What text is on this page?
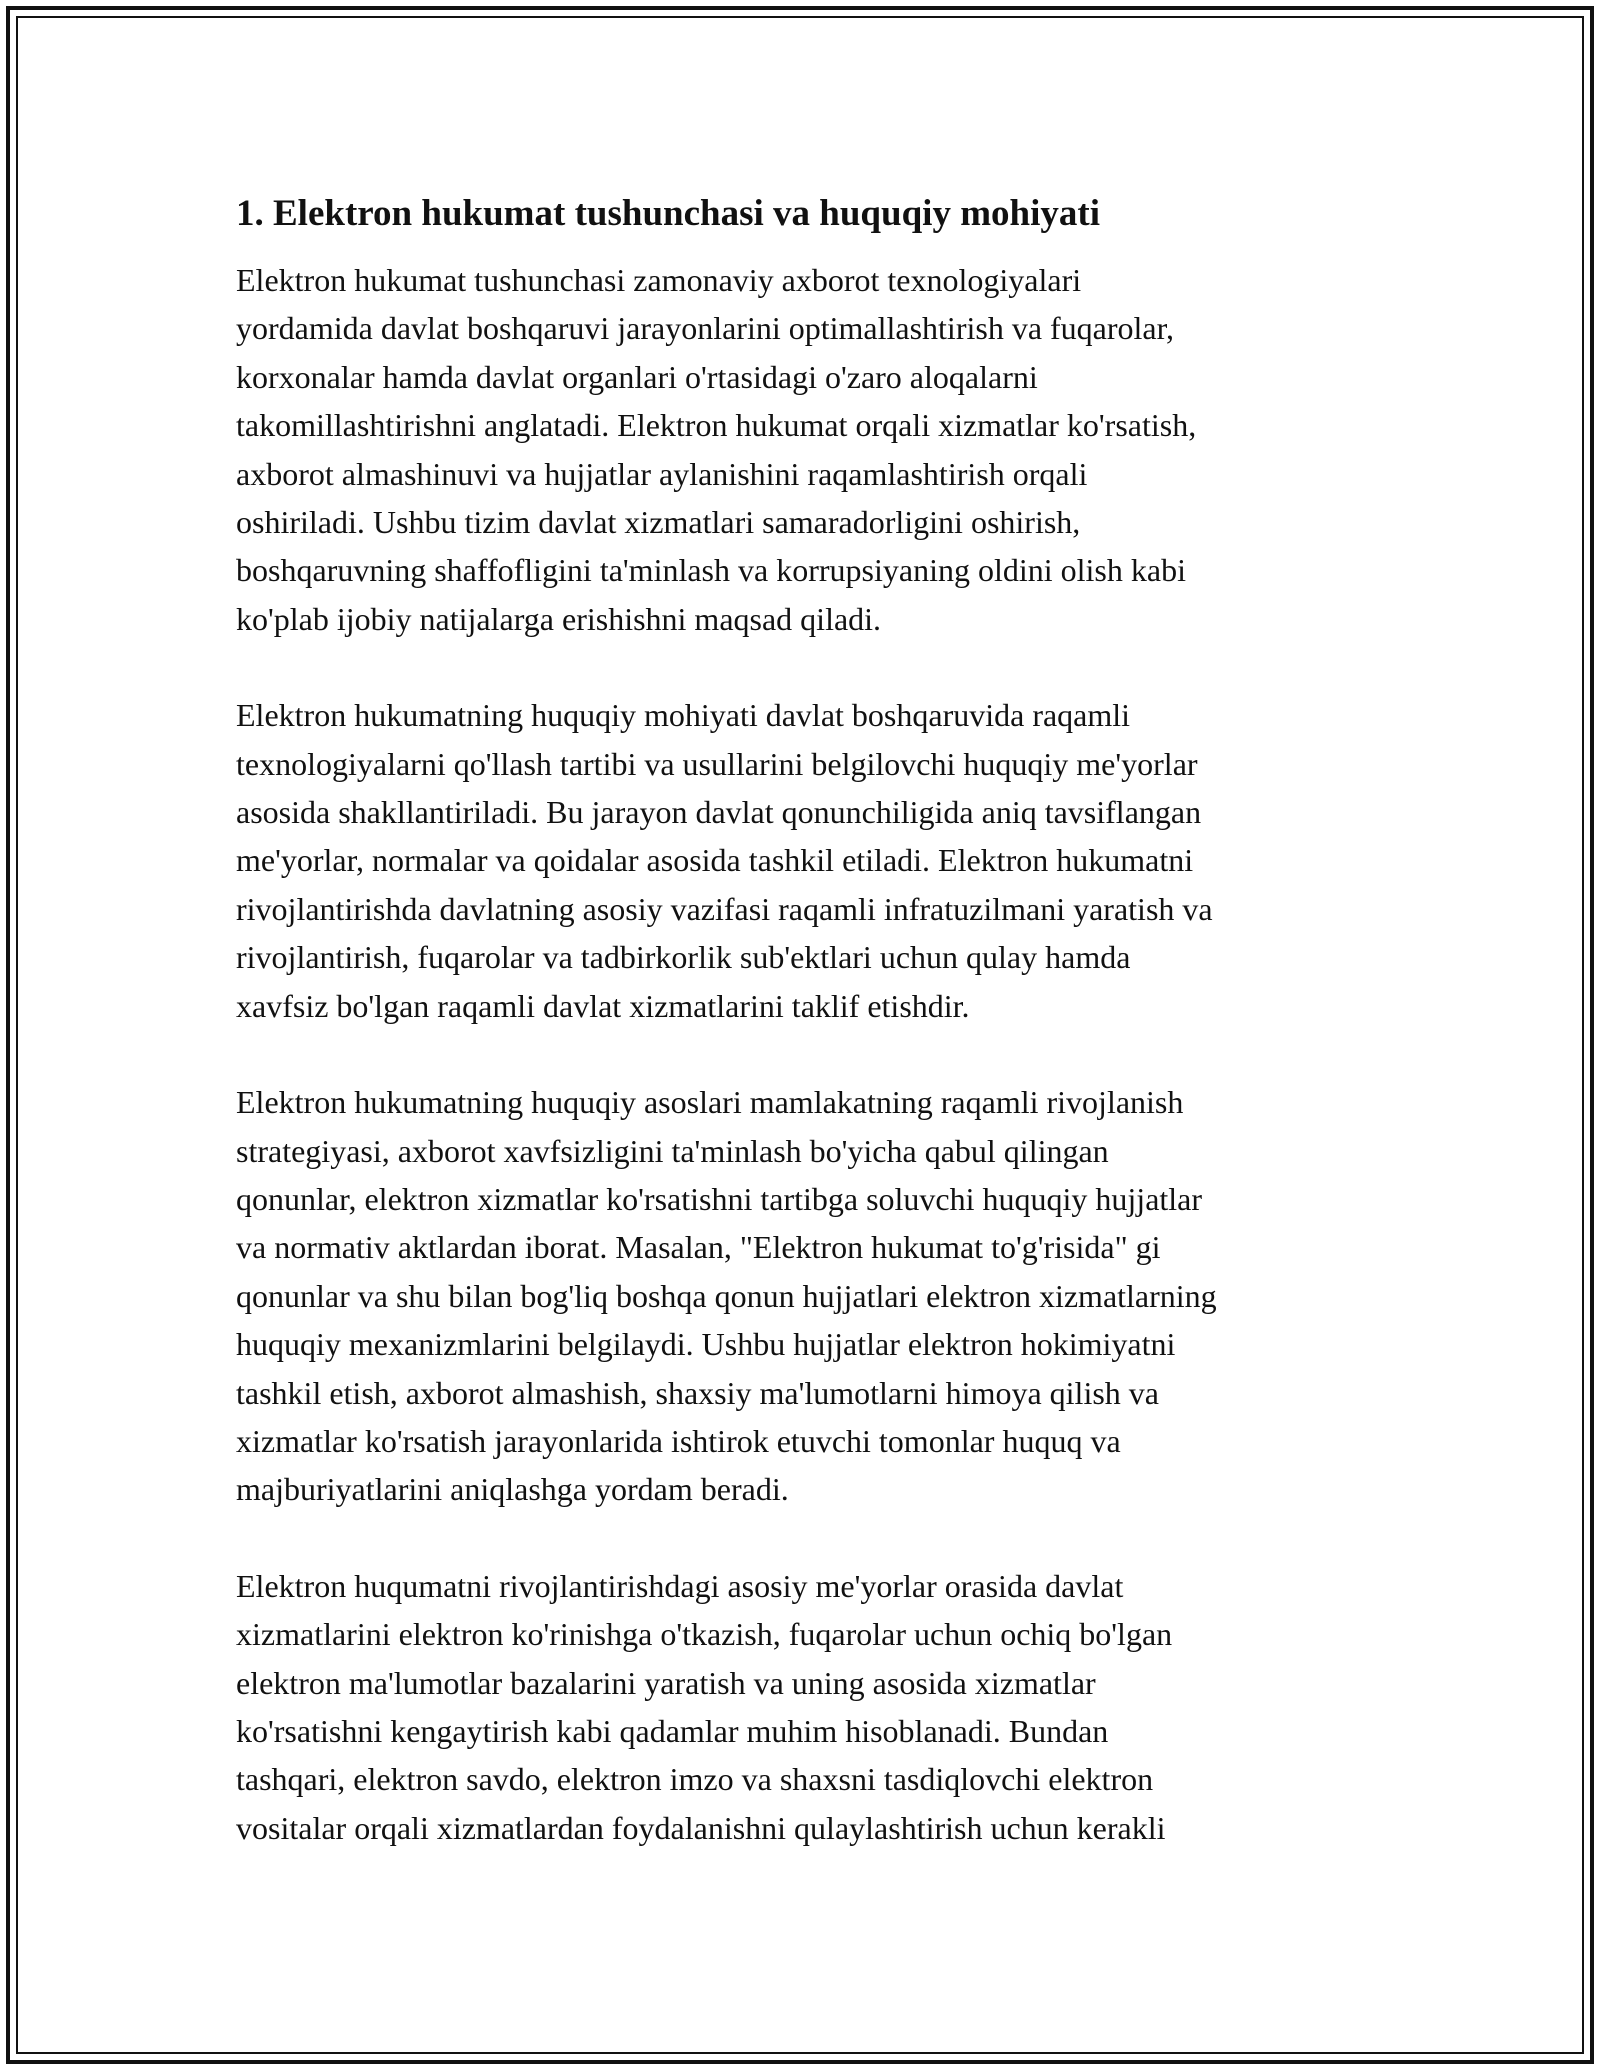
1. Elektron hukumat tushunchasi va huquqiy mohiyati
Elektron hukumat tushunchasi zamonaviy axborot texnologiyalari
yordamida davlat boshqaruvi jarayonlarini optimallashtirish va fuqarolar,
korxonalar hamda davlat organlari o'rtasidagi o'zaro aloqalarni
takomillashtirishni anglatadi. Elektron hukumat orqali xizmatlar ko'rsatish,
axborot almashinuvi va hujjatlar aylanishini raqamlashtirish orqali
oshiriladi. Ushbu tizim davlat xizmatlari samaradorligini oshirish,
boshqaruvning shaffofligini ta'minlash va korrupsiyaning oldini olish kabi
ko'plab ijobiy natijalarga erishishni maqsad qiladi.
Elektron hukumatning huquqiy mohiyati davlat boshqaruvida raqamli
texnologiyalarni qo'llash tartibi va usullarini belgilovchi huquqiy me'yorlar
asosida shakllantiriladi. Bu jarayon davlat qonunchiligida aniq tavsiflangan
me'yorlar, normalar va qoidalar asosida tashkil etiladi. Elektron hukumatni
rivojlantirishda davlatning asosiy vazifasi raqamli infratuzilmani yaratish va
rivojlantirish, fuqarolar va tadbirkorlik sub'ektlari uchun qulay hamda
xavfsiz bo'lgan raqamli davlat xizmatlarini taklif etishdir.
Elektron hukumatning huquqiy asoslari mamlakatning raqamli rivojlanish
strategiyasi, axborot xavfsizligini ta'minlash bo'yicha qabul qilingan
qonunlar, elektron xizmatlar ko'rsatishni tartibga soluvchi huquqiy hujjatlar
va normativ aktlardan iborat. Masalan, "Elektron hukumat to'g'risida" gi
qonunlar va shu bilan bog'liq boshqa qonun hujjatlari elektron xizmatlarning
huquqiy mexanizmlarini belgilaydi. Ushbu hujjatlar elektron hokimiyatni
tashkil etish, axborot almashish, shaxsiy ma'lumotlarni himoya qilish va
xizmatlar ko'rsatish jarayonlarida ishtirok etuvchi tomonlar huquq va
majburiyatlarini aniqlashga yordam beradi.
Elektron huqumatni rivojlantirishdagi asosiy me'yorlar orasida davlat
xizmatlarini elektron ko'rinishga o'tkazish, fuqarolar uchun ochiq bo'lgan
elektron ma'lumotlar bazalarini yaratish va uning asosida xizmatlar
ko'rsatishni kengaytirish kabi qadamlar muhim hisoblanadi. Bundan
tashqari, elektron savdo, elektron imzo va shaxsni tasdiqlovchi elektron
vositalar orqali xizmatlardan foydalanishni qulaylashtirish uchun kerakli
